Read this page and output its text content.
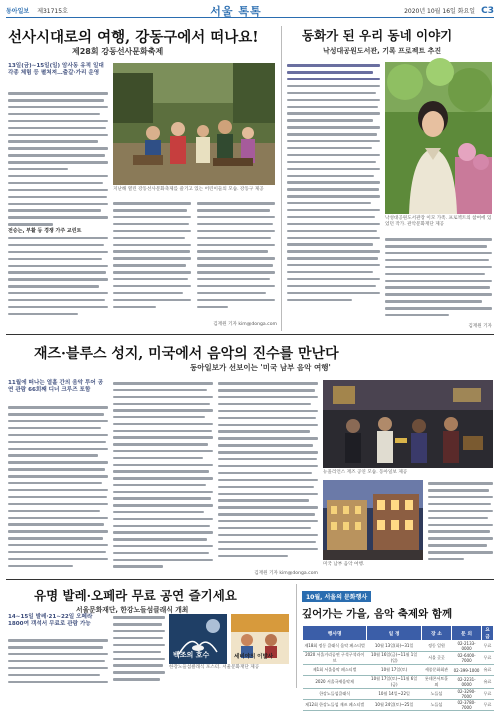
동아일보 제31715호	서울 톡톡	2020년 10월 16일 화요일 C3
선사시대로의 여행, 강동구에서 떠나요!
제28회 강동선사문화축제
13일(금)∼15일(일) 암사동 유적 일대 각종 체험 등 펼쳐져…출갈·가리 운영
전승는, 부활 등 경쟁 가주 교린트
지난해 열린 강동선사문화축제를 즐기고 있는 어린이들의 모습. 강동구 제공
김재원 기자 kim@donga.com
동화가 된 우리 동네 이야기
낙성대공원도서관, 기록 프로젝트 추진
낙성대공원도서관장 이모 가족. 프로젝트의 참여에 있었던 작가. 관악문화재단 제공
김재원 기자
재즈·블루스 성지, 미국에서 음악의 진수를 만난다
동아일보가 선보이는 '미국 남부 음악 여행'
11월에 떠나는 열흘 간의 음악 투어 공연 관람 66회째 디너 크루즈 포함
김재원 기자 kim@donga.com
뉴올리언스 재즈 공연 모습. 동아일보 제공
미국 남부 음악 여행.
유명 발레·오페라 무료 공연 즐기세요
서울문화재단, 한강노들섬클래식 개최
14∼15일 발레·21∼22일 오페라 1800여 객석서 무료로 관람 가능
백조의 호수	세비야의 이발사
한강노들섬클래식 포스터. 서울문화재단 제공
10월, 서울의 문화행사
깊어가는 가을, 음악 축제와 함께
행사명	일 정	장 소	문 의	요 금
제18회 정동 클래식 음악 페스티벌	10월 13일(화)~31일	정동 일원	02-2133-0000	무료
2020 서울거리공연 구석구석라이브	10월 16일(금)~11월 1일(일)	서울 곳곳	02-6400-7000	무료
제1회 서울음악 페스티벌	10월 17일(토)	세종문화회관	02-399-1000	유료
2020 서울국제음악제	10월 17일(토)~11월 6일(금)	롯데콘서트홀 외	02-2231-0000	유료
한강노들섬클래식	10월 14일~22일	노들섬	02-3290-7000	무료
제12회 한강노들섬 재즈 페스티벌	10월 24일(토)~25일	노들섬	02-3780-7000	무료
